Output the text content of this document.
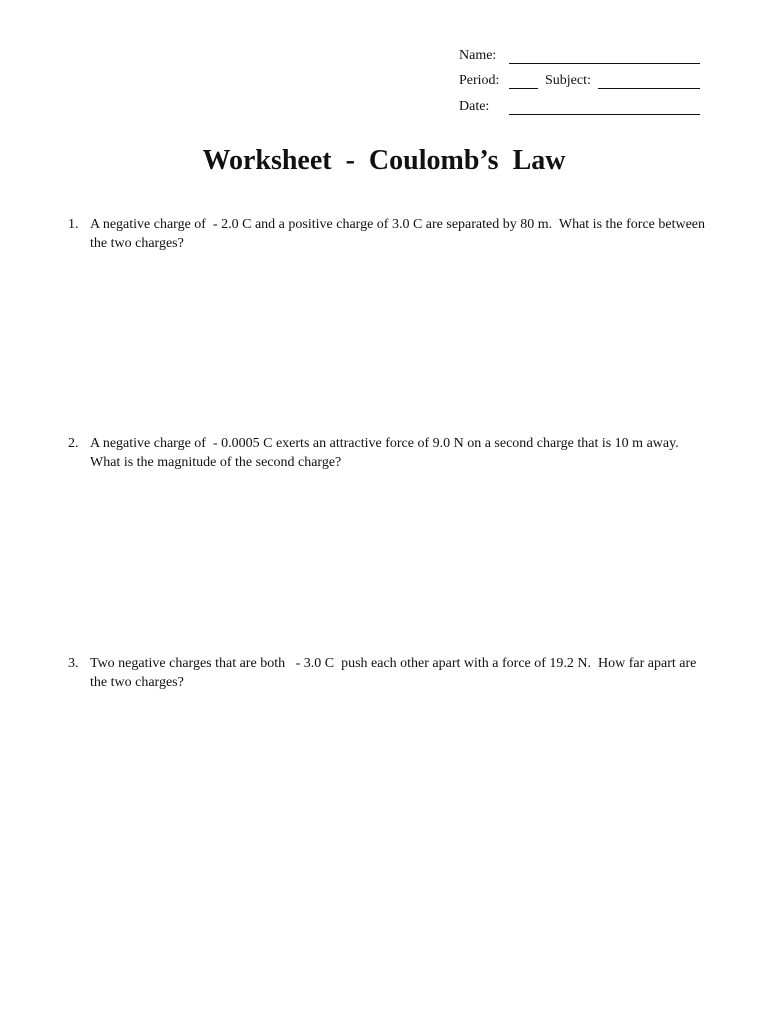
Name:
Period:	Subject:
Date:
Worksheet  -  Coulomb’s  Law
1. A negative charge of  - 2.0 C and a positive charge of 3.0 C are separated by 80 m.  What is the force between the two charges?
2. A negative charge of  - 0.0005 C exerts an attractive force of 9.0 N on a second charge that is 10 m away.  What is the magnitude of the second charge?
3. Two negative charges that are both   - 3.0 C  push each other apart with a force of 19.2 N.  How far apart are the two charges?
